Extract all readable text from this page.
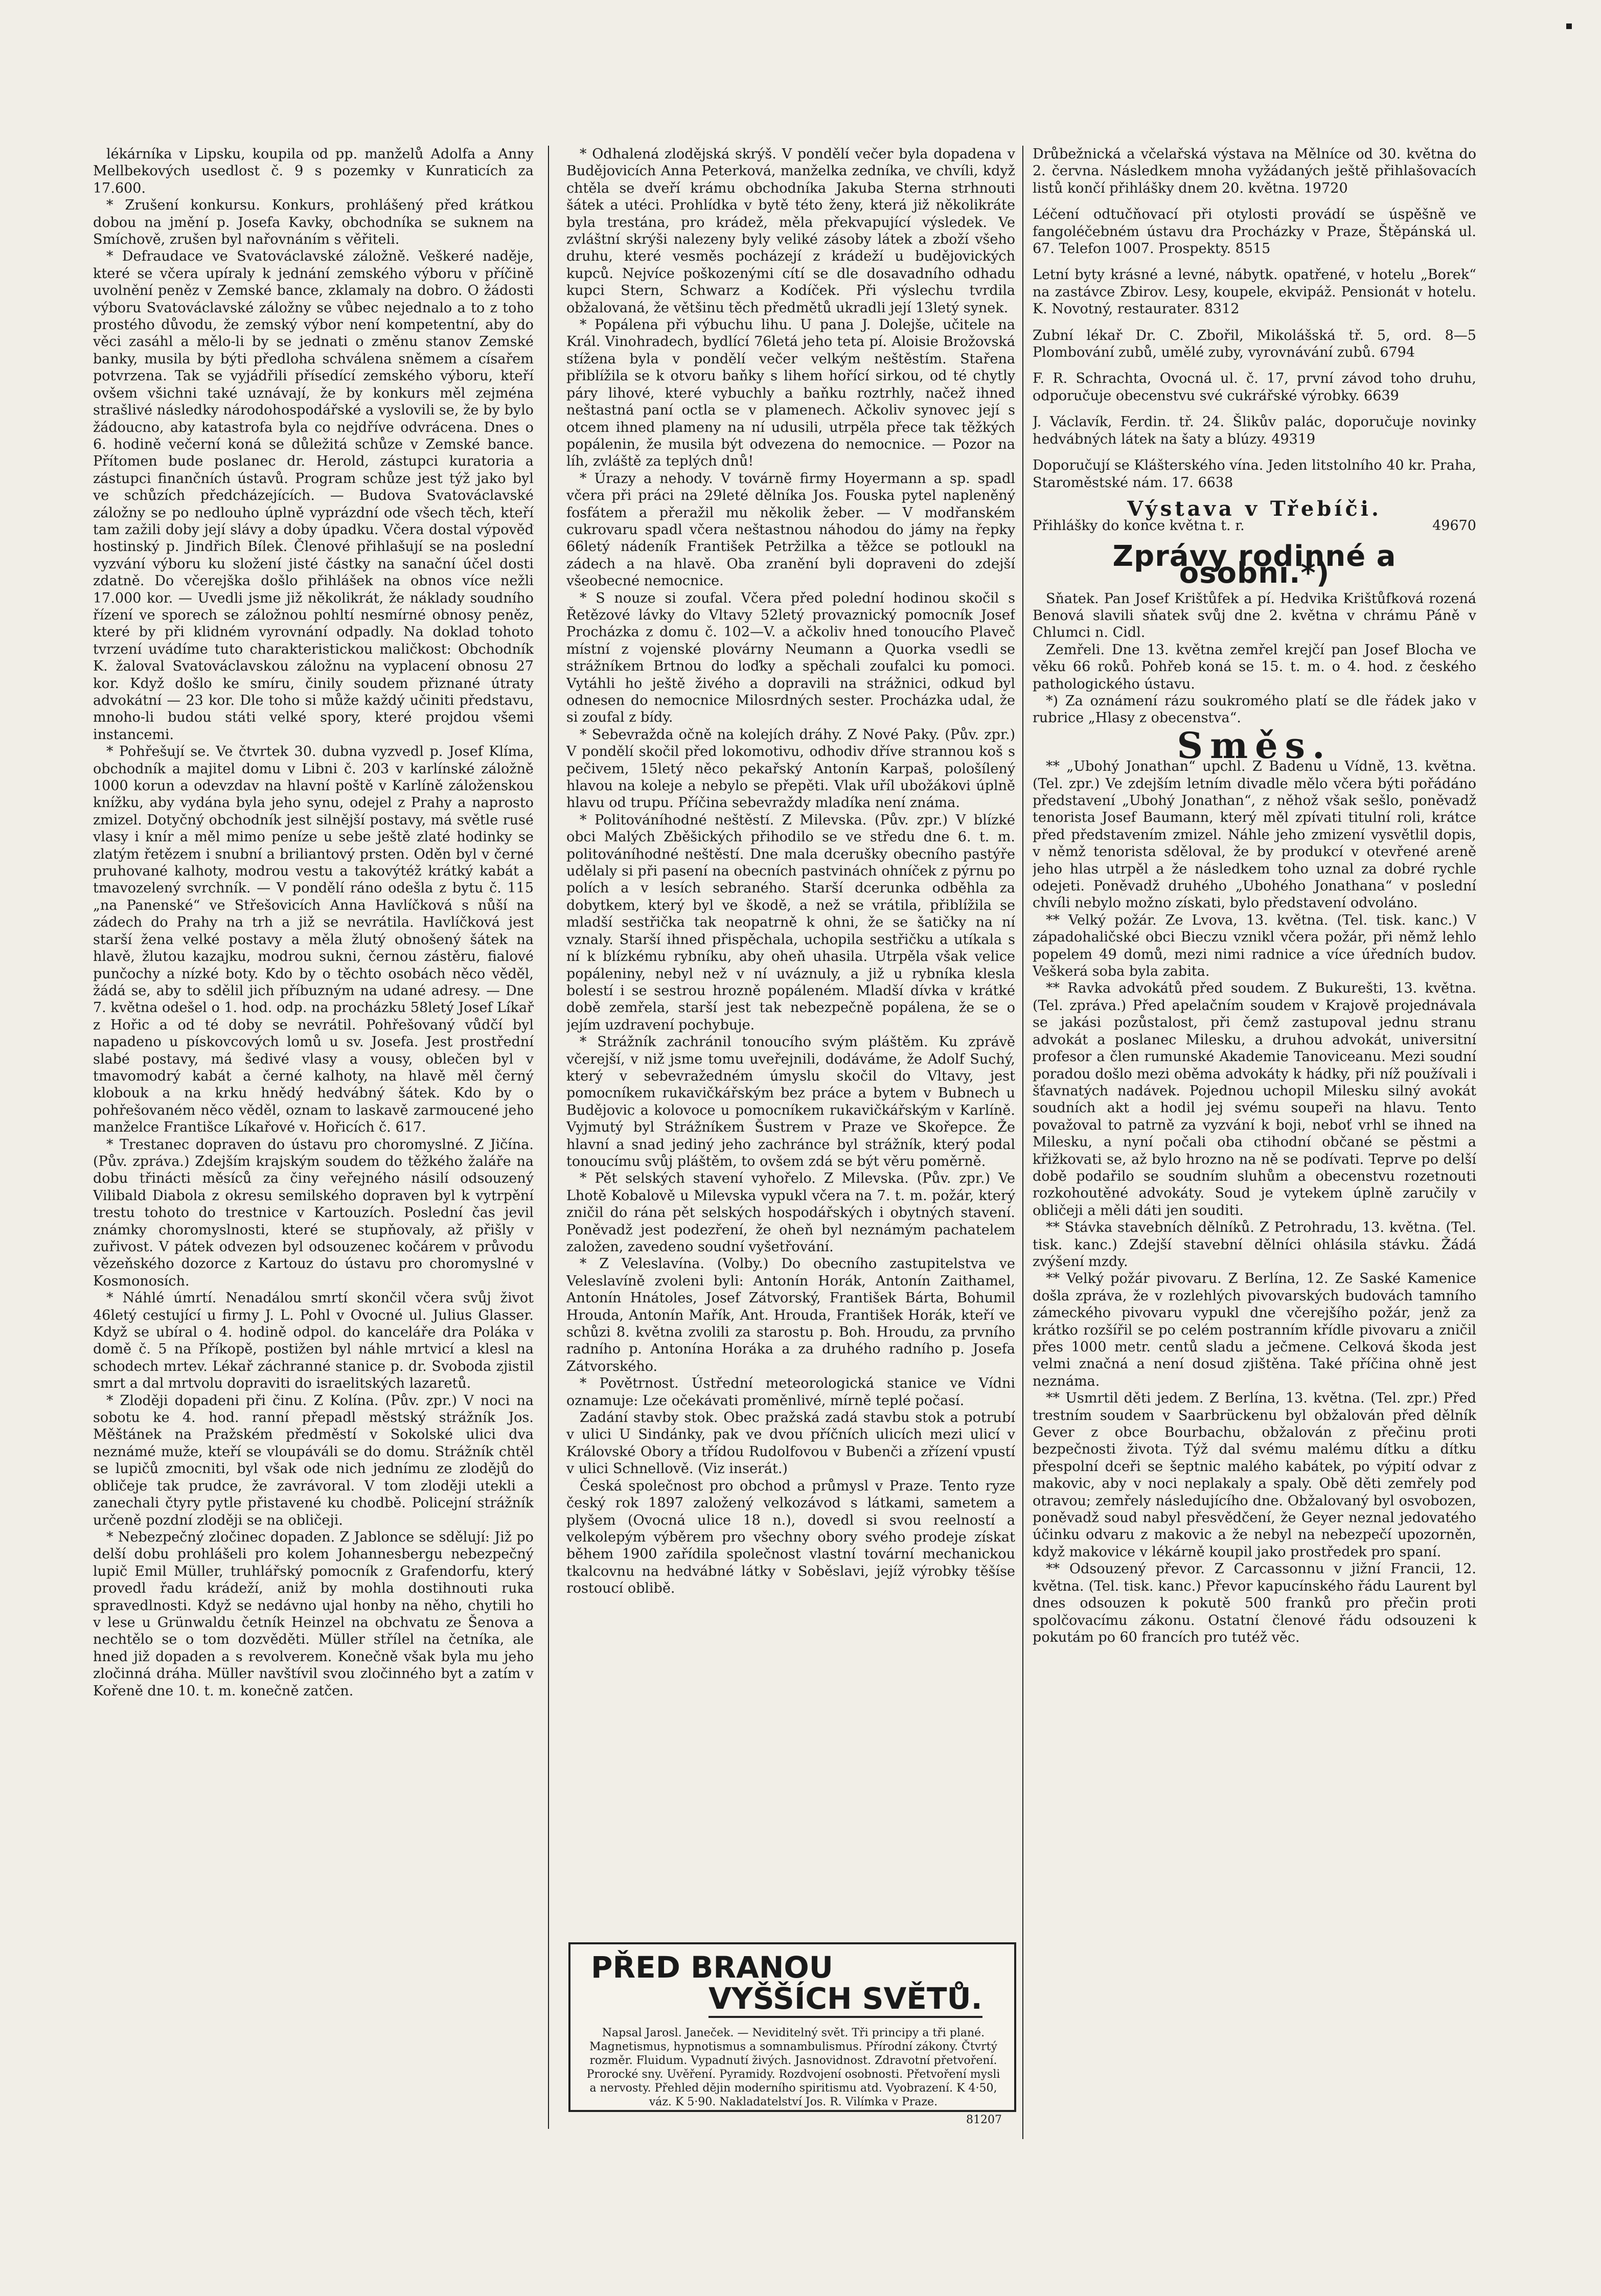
▪

lékárníka v Lipsku, koupila od pp. manželů Adolfa a Anny Mellbekových usedlost č. 9 s pozemky v Kunraticích za 17.600.

* Zrušení konkursu. Konkurs, prohlášený před krátkou dobou na jmění p. Josefa Kavky, obchodníka se suknem na Smíchově, zrušen byl nařovnáním s věřiteli.

* Defraudace ve Svatováclavské záložně. Veškeré naděje, které se včera upíraly k jednání zemského výboru v příčině uvolnění peněz v Zemské bance, zklamaly na dobro. O žádosti výboru Svatováclavské záložny se vůbec nejednalo a to z toho prostého důvodu, že zemský výbor není kompetentní, aby do věci zasáhl a mělo-li by se jednati o změnu stanov Zemské banky, musila by býti předloha schválena sněmem a císařem potvrzena. Tak se vyjádřili přísedící zemského výboru, kteří ovšem všichni také uznávají, že by konkurs měl zejména strašlivé následky národohospodářské a vyslovili se, že by bylo žádoucno, aby katastrofa byla co nejdříve odvrácena. Dnes o 6. hodině večerní koná se důležitá schůze v Zemské bance. Přítomen bude poslanec dr. Herold, zástupci kuratoria a zástupci finančních ústavů. Program schůze jest týž jako byl ve schůzích předcházejících. — Budova Svatováclavské záložny se po nedlouho úplně vyprázdní ode všech těch, kteří tam zažili doby její slávy a doby úpadku. Včera dostal výpověď hostinský p. Jindřich Bílek. Členové přihlašují se na poslední vyzvání výboru ku složení jisté částky na sanační účel dosti zdatně. Do včerejška došlo přihlášek na obnos více nežli 17.000 kor. — Uvedli jsme již několikrát, že náklady soudního řízení ve sporech se záložnou pohltí nesmírné obnosy peněz, které by při klidném vyrovnání odpadly. Na doklad tohoto tvrzení uvádíme tuto charakteristickou maličkost: Obchodník K. žaloval Svatováclavskou záložnu na vyplacení obnosu 27 kor. Když došlo ke smíru, činily soudem přiznané útraty advokátní — 23 kor. Dle toho si může každý učiniti představu, mnoho-li budou státi velké spory, které projdou všemi instancemi.

* Pohřešují se. Ve čtvrtek 30. dubna vyzvedl p. Josef Klíma, obchodník a majitel domu v Libni č. 203 v karlínské záložně 1000 korun a odevzdav na hlavní poště v Karlíně záloženskou knížku, aby vydána byla jeho synu, odejel z Prahy a naprosto zmizel. Dotyčný obchodník jest silnější postavy, má světle rusé vlasy i knír a měl mimo peníze u sebe ještě zlaté hodinky se zlatým řetězem i snubní a briliantový prsten. Oděn byl v černé pruhované kalhoty, modrou vestu a takovýtéž krátký kabát a tmavozelený svrchník. — V pondělí ráno odešla z bytu č. 115 „na Panenské“ ve Střešovicích Anna Havlíčková s nůší na zádech do Prahy na trh a již se nevrátila. Havlíčková jest starší žena velké postavy a měla žlutý obnošený šátek na hlavě, žlutou kazajku, modrou sukni, černou zástěru, fialové punčochy a nízké boty. Kdo by o těchto osobách něco věděl, žádá se, aby to sdělil jich příbuzným na udané adresy. — Dne 7. května odešel o 1. hod. odp. na procházku 58letý Josef Líkař z Hořic a od té doby se nevrátil. Pohřešovaný vůdčí byl napadeno u pískovcových lomů u sv. Josefa. Jest prostřední slabé postavy, má šedivé vlasy a vousy, oblečen byl v tmavomodrý kabát a černé kalhoty, na hlavě měl černý klobouk a na krku hnědý hedvábný šátek. Kdo by o pohřešovaném něco věděl, oznam to laskavě zarmoucené jeho manželce Františce Líkařové v. Hořicích č. 617.

* Trestanec dopraven do ústavu pro choromyslné. Z Jičína. (Pův. zpráva.) Zdejším krajským soudem do těžkého žaláře na dobu třinácti měsíců za činy veřejného násilí odsouzený Vilibald Diabola z okresu semilského dopraven byl k vytrpění trestu tohoto do trestnice v Kartouzích. Poslední čas jevil známky choromyslnosti, které se stupňovaly, až přišly v zuřivost. V pátek odvezen byl odsouzenec kočárem v průvodu vězeňského dozorce z Kartouz do ústavu pro choromyslné v Kosmonosích.

* Náhlé úmrtí. Nenadálou smrtí skončil včera svůj život 46letý cestující u firmy J. L. Pohl v Ovocné ul. Julius Glasser. Když se ubíral o 4. hodině odpol. do kanceláře dra Poláka v domě č. 5 na Příkopě, postižen byl náhle mrtvicí a klesl na schodech mrtev. Lékař záchranné stanice p. dr. Svoboda zjistil smrt a dal mrtvolu dopraviti do israelitských lazaretů.

* Zloději dopadeni při činu. Z Kolína. (Pův. zpr.) V noci na sobotu ke 4. hod. ranní přepadl městský strážník Jos. Měštánek na Pražském předměstí v Sokolské ulici dva neznámé muže, kteří se vloupáváli se do domu. Strážník chtěl se lupičů zmocniti, byl však ode nich jednímu ze zlodějů do obličeje tak prudce, že zavrávoral. V tom zloději utekli a zanechali čtyry pytle přistavené ku chodbě. Policejní strážník určeně pozdní zloději se na obličeji.

* Nebezpečný zločinec dopaden. Z Jablonce se sdělují: Již po delší dobu prohlášeli pro kolem Johannesbergu nebezpečný lupič Emil Müller, truhlářský pomocník z Grafendorfu, který provedl řadu krádeží, aniž by mohla dostihnouti ruka spravedlnosti. Když se nedávno ujal honby na něho, chytili ho v lese u Grünwaldu četník Heinzel na obchvatu ze Šenova a nechtělo se o tom dozvěděti. Müller střílel na četníka, ale hned již dopaden a s revolverem. Konečně však byla mu jeho zločinná dráha. Müller navštívil svou zločinného byt a zatím v Kořeně dne 10. t. m. konečně zatčen.

* Odhalená zlodějská skrýš. V pondělí večer byla dopadena v Budějovicích Anna Peterková, manželka zedníka, ve chvíli, když chtěla se dveří krámu obchodníka Jakuba Sterna strhnouti šátek a utéci. Prohlídka v bytě této ženy, která již několikráte byla trestána, pro krádež, měla překvapující výsledek. Ve zvláštní skrýši nalezeny byly veliké zásoby látek a zboží všeho druhu, které vesměs pocházejí z krádeží u budějovických kupců. Nejvíce poškozenými cítí se dle dosavadního odhadu kupci Stern, Schwarz a Kodíček. Při výslechu tvrdila obžalovaná, že většinu těch předmětů ukradli její 13letý synek.

* Popálena při výbuchu lihu. U pana J. Dolejše, učitele na Král. Vinohradech, bydlící 76letá jeho teta pí. Aloisie Brožovská stížena byla v pondělí večer velkým neštěstím. Stařena přiblížila se k otvoru baňky s lihem hořící sirkou, od té chytly páry lihové, které vybuchly a baňku roztrhly, načež ihned neštastná paní octla se v plamenech. Ačkoliv synovec její s otcem ihned plameny na ní udusili, utrpěla přece tak těžkých popálenin, že musila být odvezena do nemocnice. — Pozor na líh, zvláště za teplých dnů!

* Úrazy a nehody. V továrně firmy Hoyermann a sp. spadl včera při práci na 29leté dělníka Jos. Fouska pytel napleněný fosfátem a přeražil mu několik žeber. — V modřanském cukrovaru spadl včera neštastnou náhodou do jámy na řepky 66letý nádeník František Petržilka a těžce se potloukl na zádech a na hlavě. Oba zranění byli dopraveni do zdejší všeobecné nemocnice.

* S nouze si zoufal. Včera před polední hodinou skočil s Řetězové lávky do Vltavy 52letý provaznický pomocník Josef Procházka z domu č. 102—V. a ačkoliv hned tonoucího Plaveč místní z vojenské plovárny Neumann a Quorka vsedli se strážníkem Brtnou do loďky a spěchali zoufalci ku pomoci. Vytáhli ho ještě živého a dopravili na strážnici, odkud byl odnesen do nemocnice Milosrdných sester. Procházka udal, že si zoufal z bídy.

* Sebevražda očně na kolejích dráhy. Z Nové Paky. (Pův. zpr.) V pondělí skočil před lokomotivu, odhodiv dříve strannou koš s pečivem, 15letý něco pekařský Antonín Karpaš, pološílený hlavou na koleje a nebylo se přepěti. Vlak uříl ubožákovi úplně hlavu od trupu. Příčina sebevraždy mladíka není známa.

* Politováníhodné neštěstí. Z Milevska. (Pův. zpr.) V blízké obci Malých Zběšických přihodilo se ve středu dne 6. t. m. politováníhodné neštěstí. Dne mala dcerušky obecního pastýře udělaly si při pasení na obecních pastvinách ohníček z pýrnu po polích a v lesích sebraného. Starší dcerunka odběhla za dobytkem, který byl ve škodě, a než se vrátila, přiblížila se mladší sestřička tak neopatrně k ohni, že se šatičky na ní vznaly. Starší ihned přispěchala, uchopila sestřičku a utíkala s ní k blízkému rybníku, aby oheň uhasila. Utrpěla však velice popáleniny, nebyl než v ní uváznuly, a již u rybníka klesla bolestí i se sestrou hrozně popáleném. Mladší dívka v krátké době zemřela, starší jest tak nebezpečně popálena, že se o jejím uzdravení pochybuje.

* Strážník zachránil tonoucího svým pláštěm. Ku zprávě včerejší, v niž jsme tomu uveřejnili, dodáváme, že Adolf Suchý, který v sebevražedném úmyslu skočil do Vltavy, jest pomocníkem rukavičkářským bez práce a bytem v Bubnech u Budějovic a kolovoce u pomocníkem rukavičkářským v Karlíně. Vyjmutý byl Strážníkem Šustrem v Praze ve Skořepce. Že hlavní a snad jediný jeho zachránce byl strážník, který podal tonoucímu svůj pláštěm, to ovšem zdá se být věru poměrně.

* Pět selských stavení vyhořelo. Z Milevska. (Pův. zpr.) Ve Lhotě Kobalově u Milevska vypukl včera na 7. t. m. požár, který zničil do rána pět selských hospodářských i obytných stavení. Poněvadž jest podezření, že oheň byl neznámým pachatelem založen, zavedeno soudní vyšetřování.

* Z Veleslavína. (Volby.) Do obecního zastupitelstva ve Veleslavíně zvoleni byli: Antonín Horák, Antonín Zaithamel, Antonín Hnátoles, Josef Zátvorský, František Bárta, Bohumil Hrouda, Antonín Mařík, Ant. Hrouda, František Horák, kteří ve schůzi 8. května zvolili za starostu p. Boh. Hroudu, za prvního radního p. Antonína Horáka a za druhého radního p. Josefa Zátvorského.

* Povětrnost. Ústřední meteorologická stanice ve Vídni oznamuje: Lze očekávati proměnlivé, mírně teplé počasí.

Zadání stavby stok. Obec pražská zadá stavbu stok a potrubí v ulici U Sindánky, pak ve dvou příčních ulicích mezi ulicí v Královské Obory a třídou Rudolfovou v Bubenči a zřízení vpustí v ulici Schnellově. (Viz inserát.)

Česká společnost pro obchod a průmysl v Praze. Tento ryze český rok 1897 založený velkozávod s látkami, sametem a plyšem (Ovocná ulice 18 n.), dovedl si svou reelností a velkolepým výběrem pro všechny obory svého prodeje získat během 1900 zařídila společnost vlastní tovární mechanickou tkalcovnu na hedvábné látky v Soběslavi, jejíž výrobky těšíse rostoucí oblibě.

PŘED BRANOU
VYŠŠÍCH SVĚTŮ.
Napsal Jarosl. Janeček. — Neviditelný svět. Tři principy a tři plané. Magnetismus, hypnotismus a somnambulismus. Přírodní zákony. Čtvrtý rozměr. Fluidum. Vypadnutí živých. Jasnovidnost. Zdravotní přetvoření. Prorocké sny. Uvěření. Pyramidy. Rozdvojení osobnosti. Přetvoření mysli a nervosty. Přehled dějin moderního spiritismu atd. Vyobrazení. K 4·50, váz. K 5·90. Nakladatelství Jos. R. Vilímka v Praze.
81207

Drůbežnická a včelařská výstava na Mělníce od 30. května do 2. června. Následkem mnoha vyžádaných ještě přihlašovacích listů končí přihlášky dnem 20. května. 19720

Léčení odtučňovací při otylosti provádí se úspěšně ve fangoléčebném ústavu dra Procházky v Praze, Štěpánská ul. 67. Telefon 1007. Prospekty. 8515

Letní byty krásné a levné, nábytk. opatřené, v hotelu „Borek“ na zastávce Zbirov. Lesy, koupele, ekvipáž. Pensionát v hotelu. K. Novotný, restaurater. 8312

Zubní lékař Dr. C. Zbořil, Mikolášská tř. 5, ord. 8—5 Plombování zubů, umělé zuby, vyrovnávání zubů. 6794

F. R. Schrachta, Ovocná ul. č. 17, první závod toho druhu, odporučuje obecenstvu své cukrářské výrobky. 6639

J. Václavík, Ferdin. tř. 24. Šlikův palác, doporučuje novinky hedvábných látek na šaty a blúzy. 49319

Doporučují se Klášterského vína. Jeden litstolního 40 kr. Praha, Staroměstské nám. 17. 6638

Výstava v Třebíči.
Přihlášky do konce května t. r.	49670
Zprávy rodinné a osobní.*)

Sňatek. Pan Josef Krištůfek a pí. Hedvika Krištůfková rozená Benová slavili sňatek svůj dne 2. května v chrámu Páně v Chlumci n. Cidl.

Zemřeli. Dne 13. května zemřel krejčí pan Josef Blocha ve věku 66 roků. Pohřeb koná se 15. t. m. o 4. hod. z českého pathologického ústavu.

*) Za oznámení rázu soukromého platí se dle řádek jako v rubrice „Hlasy z obecenstva“.

Směs.

** „Ubohý Jonathan“ upchl. Z Badenu u Vídně, 13. května. (Tel. zpr.) Ve zdejším letním divadle mělo včera býti pořádáno představení „Ubohý Jonathan“, z něhož však sešlo, poněvadž tenorista Josef Baumann, který měl zpívati titulní roli, krátce před představením zmizel. Náhle jeho zmizení vysvětlil dopis, v němž tenorista sděloval, že by produkcí v otevřené areně jeho hlas utrpěl a že následkem toho uznal za dobré rychle odejeti. Poněvadž druhého „Ubohého Jonathana“ v poslední chvíli nebylo možno získati, bylo představení odvoláno.

** Velký požár. Ze Lvova, 13. května. (Tel. tisk. kanc.) V západohaličské obci Bieczu vznikl včera požár, při němž lehlo popelem 49 domů, mezi nimi radnice a více úředních budov. Veškerá soba byla zabita.

** Ravka advokátů před soudem. Z Bukurešti, 13. května. (Tel. zpráva.) Před apelačním soudem v Krajově projednávala se jakási pozůstalost, při čemž zastupoval jednu stranu advokát a poslanec Milesku, a druhou advokát, universitní profesor a člen rumunské Akademie Tanoviceanu. Mezi soudní poradou došlo mezi oběma advokáty k hádky, při níž používali i šťavnatých nadávek. Pojednou uchopil Milesku silný avokát soudních akt a hodil jej svému soupeři na hlavu. Tento považoval to patrně za vyzvání k boji, neboť vrhl se ihned na Milesku, a nyní počali oba ctihodní občané se pěstmi a křižkovati se, až bylo hrozno na ně se podívati. Teprve po delší době podařilo se soudním sluhům a obecenstvu rozetnouti rozkohoutěné advokáty. Soud je vytekem úplně zaručily v obličeji a měli dáti jen souditi.

** Stávka stavebních dělníků. Z Petrohradu, 13. května. (Tel. tisk. kanc.) Zdejší stavební dělníci ohlásila stávku. Žádá zvýšení mzdy.

** Velký požár pivovaru. Z Berlína, 12. Ze Saské Kamenice došla zpráva, že v rozlehlých pivovarských budovách tamního zámeckého pivovaru vypukl dne včerejšího požár, jenž za krátko rozšířil se po celém postranním křídle pivovaru a zničil přes 1000 metr. centů sladu a ječmene. Celková škoda jest velmi značná a není dosud zjištěna. Také příčina ohně jest neznáma.

** Usmrtil děti jedem. Z Berlína, 13. května. (Tel. zpr.) Před trestním soudem v Saarbrückenu byl obžalován před dělník Gever z obce Bourbachu, obžalován z přečinu proti bezpečnosti života. Týž dal svému malému dítku a dítku přespolní dceři se šeptnic malého kabátek, po výpití odvar z makovic, aby v noci neplakaly a spaly. Obě děti zemřely pod otravou; zemřely následujícího dne. Obžalovaný byl osvobozen, poněvadž soud nabyl přesvědčení, že Geyer neznal jedovatého účinku odvaru z makovic a že nebyl na nebezpečí upozorněn, když makovice v lékárně koupil jako prostředek pro spaní.

** Odsouzený převor. Z Carcassonnu v jižní Francii, 12. května. (Tel. tisk. kanc.) Převor kapucínského řádu Laurent byl dnes odsouzen k pokutě 500 franků pro přečin proti spolčovacímu zákonu. Ostatní členové řádu odsouzeni k pokutám po 60 francích pro tutéž věc.
